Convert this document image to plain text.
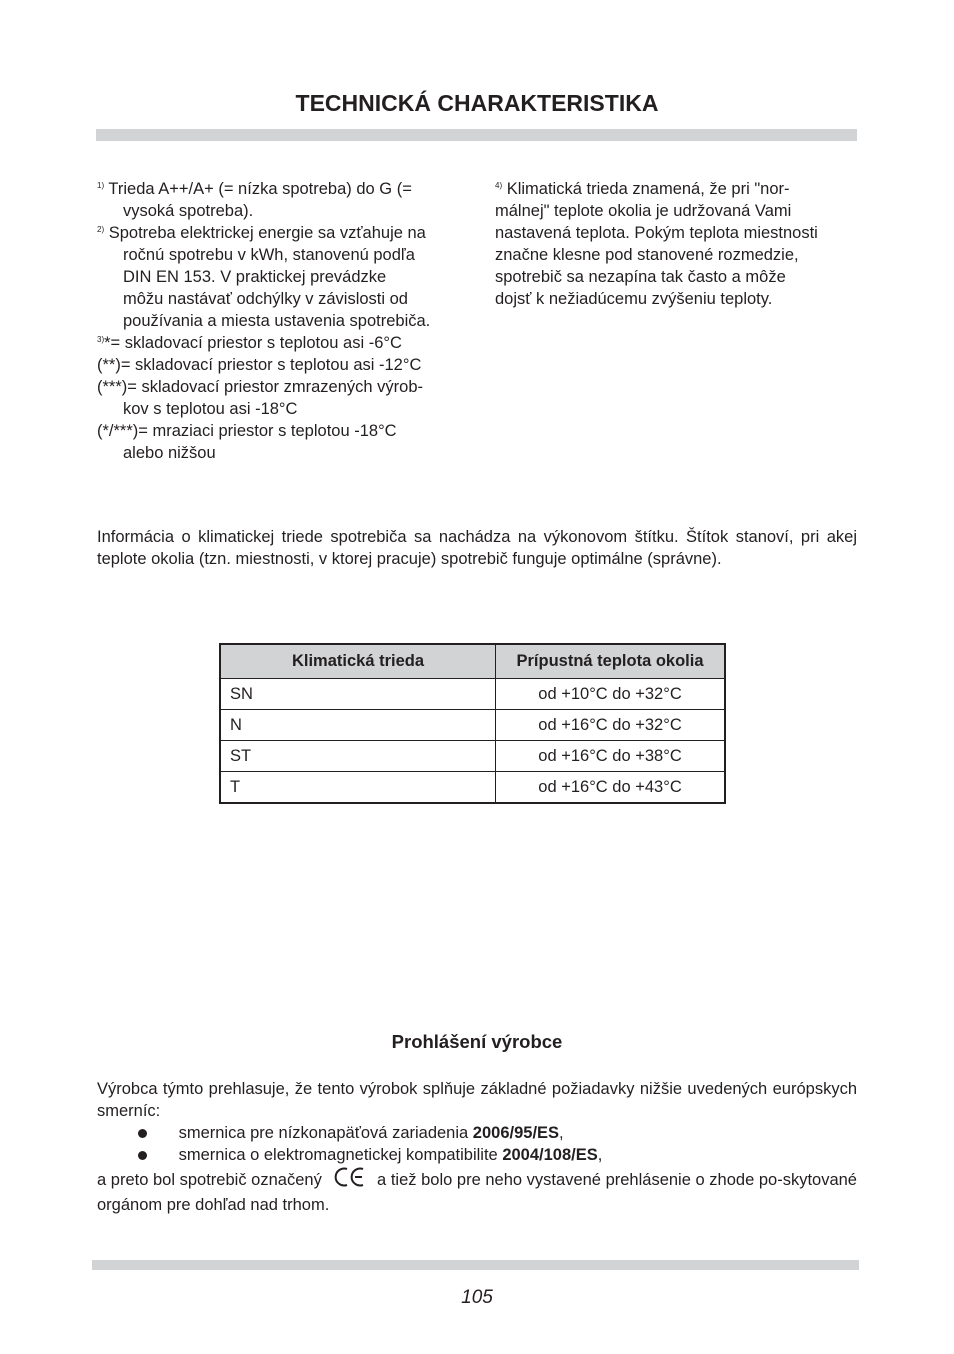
TECHNICKÁ CHARAKTERISTIKA

$^{1)}$ Trieda A++/A+ (= nízka spotreba) do G (=

vysoká spotreba).

$^{2)}$ Spotreba elektrickej energie sa vzťahuje na

ročnú spotrebu v kWh, stanovenú podľa

DIN EN 153. V praktickej prevádzke

môžu nastávať odchýlky v závislosti od

používania a miesta ustavenia spotrebiča.

$^{3)}$*= skladovací priestor s teplotou asi -6°C

(**)= skladovací priestor s teplotou asi -12°C

(***)= skladovací priestor zmrazených výrob-

kov s teplotou asi -18°C

(*/***)= mraziaci priestor s teplotou -18°C

alebo nižšou

$^{4)}$ Klimatická trieda znamená, že pri "nor-

málnej" teplote okolia je udržovaná Vami

nastavená teplota. Pokým teplota miestnosti

značne klesne pod stanovené rozmedzie,

spotrebič sa nezapína tak často a môže

dojsť k nežiadúcemu zvýšeniu teploty.

Informácia o klimatickej triede spotrebiča sa nachádza na výkonovom štítku. Štítok stanoví, pri akej teplote okolia (tzn. miestnosti, v ktorej pracuje) spotrebič funguje optimálne (správne).
Klimatická trieda	Prípustná teplota okolia
SN	od +10°C do +32°C
N	od +16°C do +32°C
ST	od +16°C do +38°C
T	od +16°C do +43°C
Prohlášení výrobce
Výrobca týmto prehlasuje, že tento výrobok splňuje základné požiadavky nižšie uvedených európskych smerníc:

smernica pre nízkonapäťová zariadenia 2006/95/ES,

smernica o elektromagnetickej kompatibilite 2004/108/ES,

a preto bol spotrebič označený	a tiež bolo pre neho vystavené prehlásenie o zhode po-skytované orgánom pre dohľad nad trhom.
105
